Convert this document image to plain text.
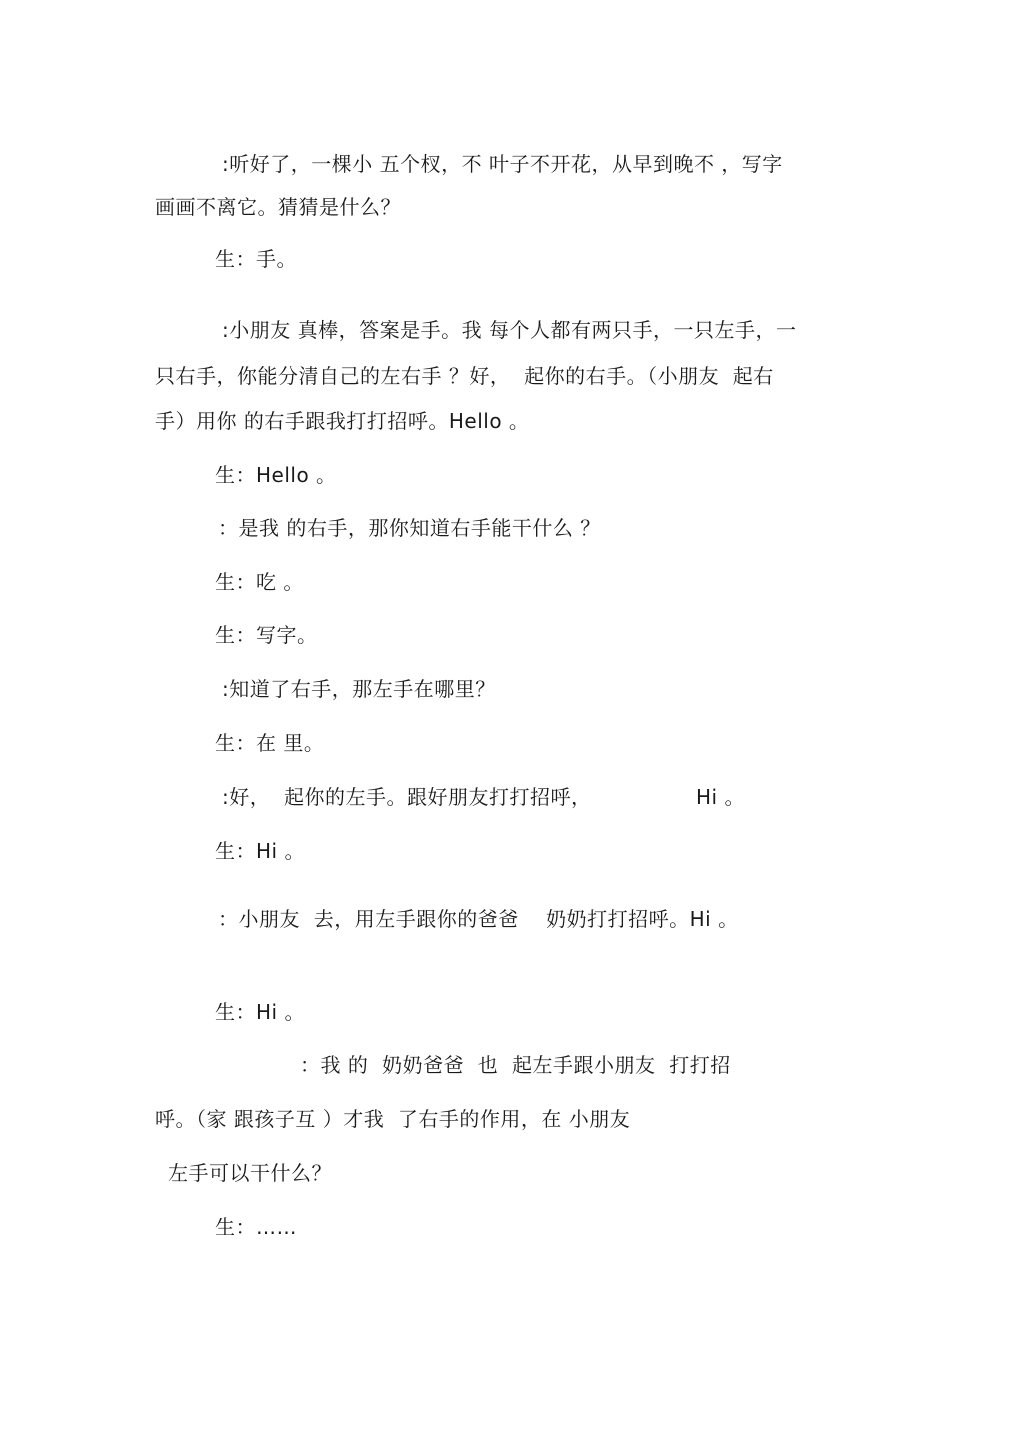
:听好了，一棵小 五个杈，不 叶子不开花，从早到晚不 ，写字
画画不离它。猜猜是什么？
生：手。
:小朋友 真棒，答案是手。我 每个人都有两只手，一只左手，一
只右手，你能分清自己的左右手 ？好，  起你的右手。（小朋友  起右
手）用你 的右手跟我打打招呼。Hello 。
生：Hello 。
：是我 的右手，那你知道右手能干什么 ？
生：吃 。
生：写字。
:知道了右手，那左手在哪里？
生：在 里。
:好，  起你的左手。跟好朋友打打招呼，	Hi 。
生：Hi 。
：小朋友  去，用左手跟你的爸爸    奶奶打打招呼。Hi 。
生：Hi 。
：我 的  奶奶爸爸  也  起左手跟小朋友  打打招
呼。（家 跟孩子互 ）才我  了右手的作用，在 小朋友
左手可以干什么？
生：……
